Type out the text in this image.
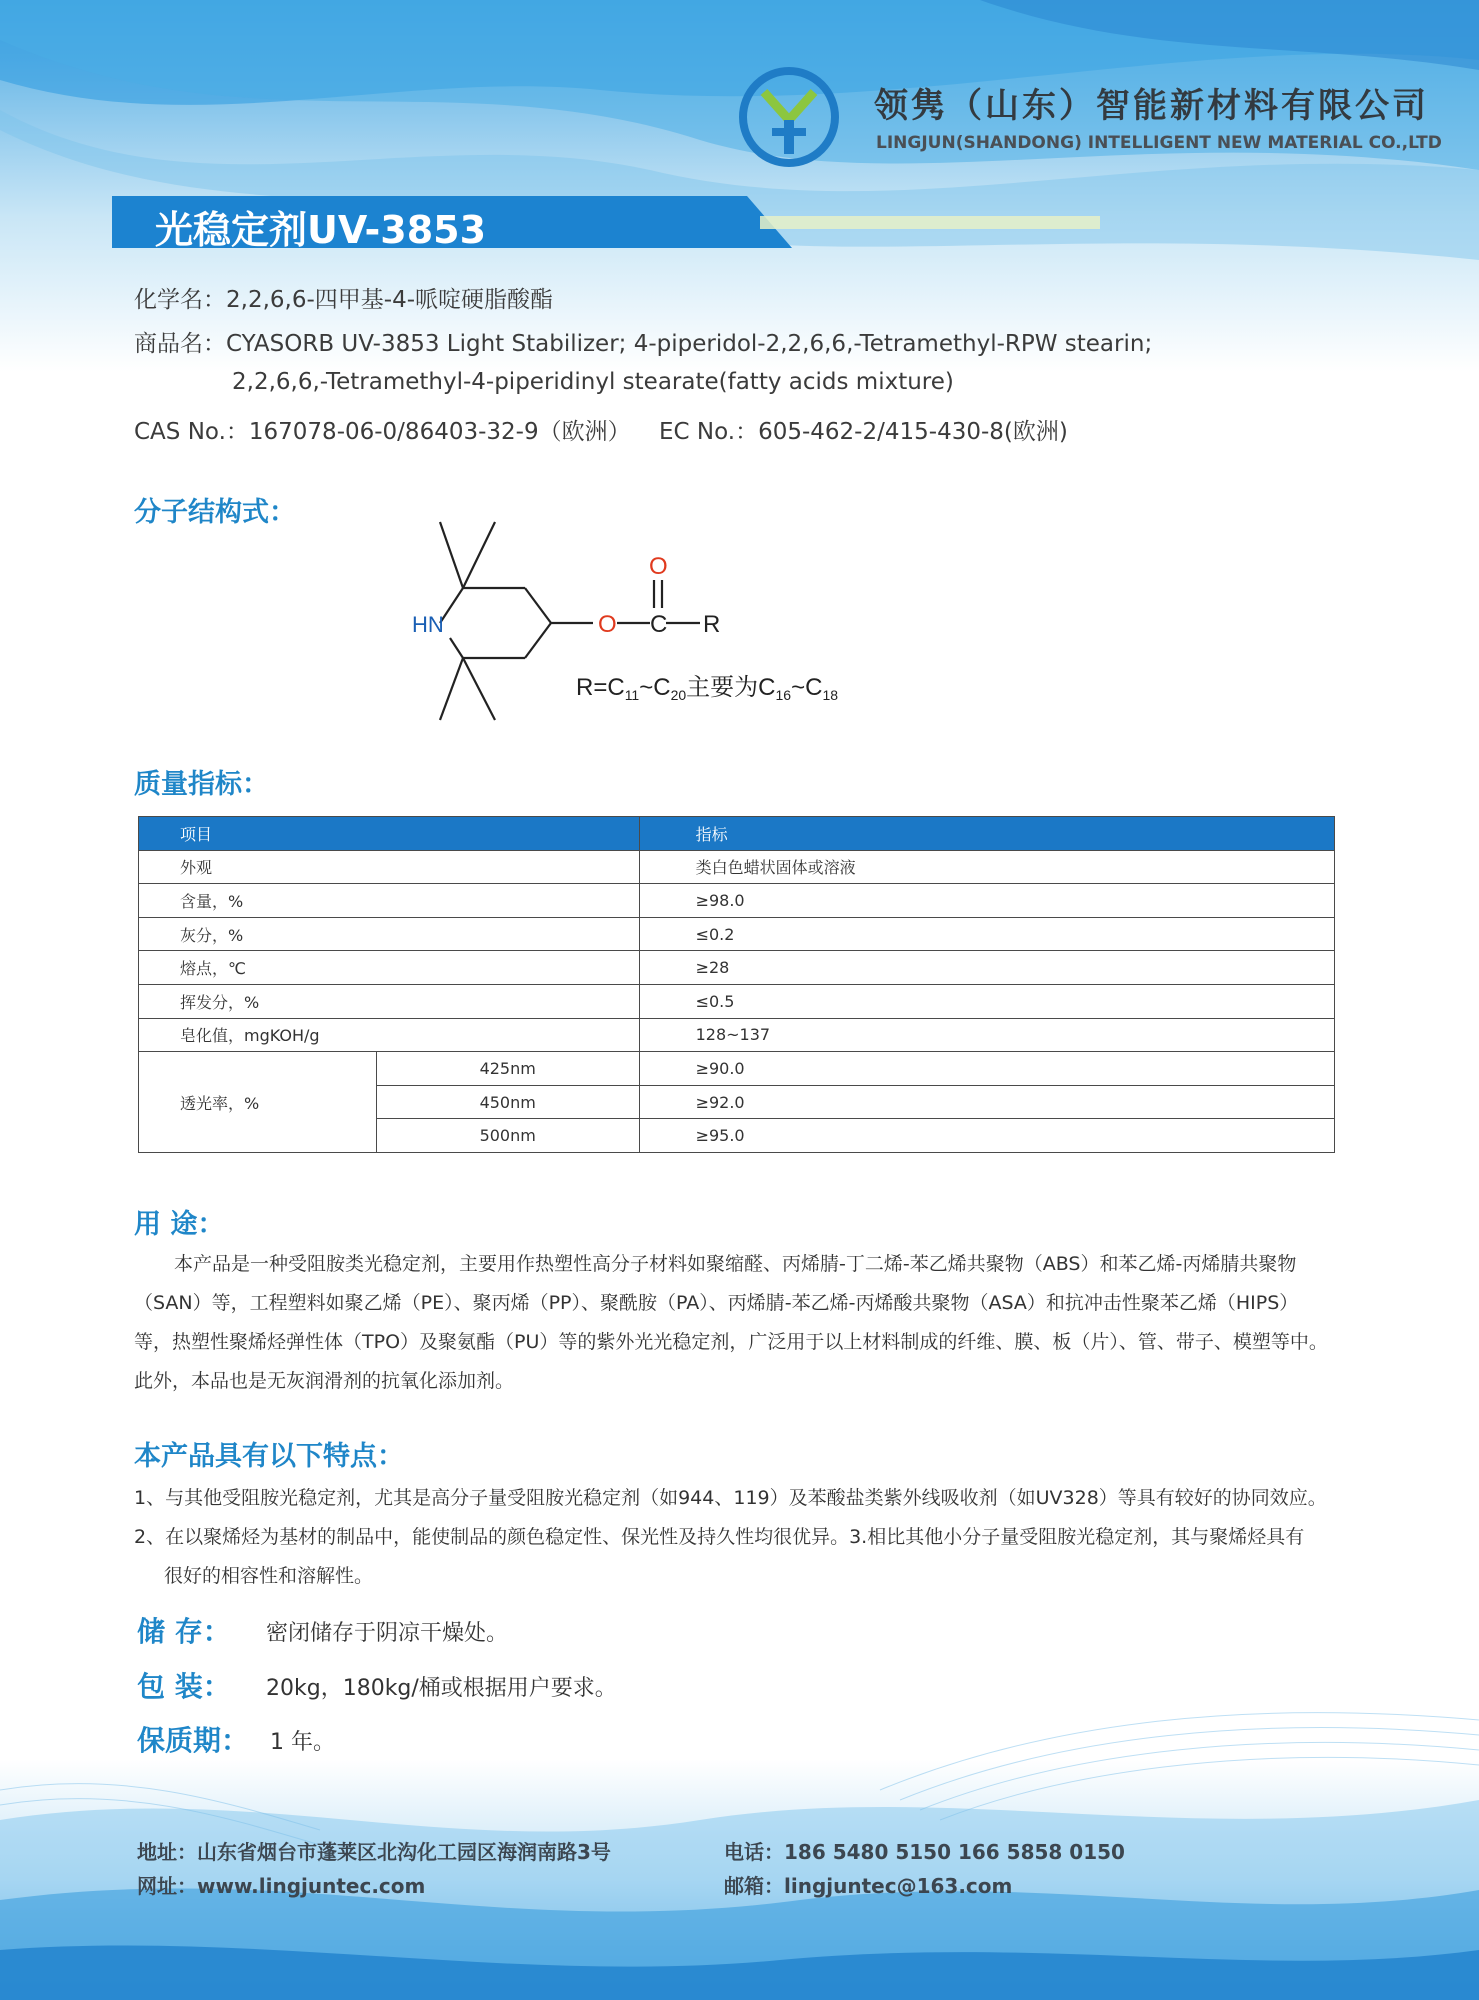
领隽（山东）智能新材料有限公司
LINGJUN(SHANDONG) INTELLIGENT NEW MATERIAL CO.,LTD
光稳定剂UV-3853
化学名：2,2,6,6-四甲基-4-哌啶硬脂酸酯
商品名：CYASORB UV-3853 Light Stabilizer; 4-piperidol-2,2,6,6,-Tetramethyl-RPW stearin;
2,2,6,6,-Tetramethyl-4-piperidinyl stearate(fatty acids mixture)
CAS No.：167078-06-0/86403-32-9（欧洲） EC No.：605-462-2/415-430-8(欧洲)
分子结构式：
HN	O
O
C R
$R=C_{11}\sim C_{20}$主要为$C_{16}\sim C_{18}$
质量指标：
项目		指标
外观		类白色蜡状固体或溶液
含量，%		≥98.0
灰分，%		≤0.2
熔点，℃		≥28
挥发分，%		≤0.5
皂化值，mgKOH/g		128~137
透光率，%	425nm	≥90.0
	450nm	≥92.0
	500nm	≥95.0
用 途：
本产品是一种受阻胺类光稳定剂，主要用作热塑性高分子材料如聚缩醛、丙烯腈-丁二烯-苯乙烯共聚物（ABS）和苯乙烯-丙烯腈共聚物
（SAN）等，工程塑料如聚乙烯（PE）、聚丙烯（PP）、聚酰胺（PA）、丙烯腈-苯乙烯-丙烯酸共聚物（ASA）和抗冲击性聚苯乙烯（HIPS）
等，热塑性聚烯烃弹性体（TPO）及聚氨酯（PU）等的紫外光光稳定剂，广泛用于以上材料制成的纤维、膜、板（片）、管、带子、模塑等中。
此外，本品也是无灰润滑剂的抗氧化添加剂。
本产品具有以下特点：
1、与其他受阻胺光稳定剂，尤其是高分子量受阻胺光稳定剂（如944、119）及苯酸盐类紫外线吸收剂（如UV328）等具有较好的协同效应。
2、在以聚烯烃为基材的制品中，能使制品的颜色稳定性、保光性及持久性均很优异。3.相比其他小分子量受阻胺光稳定剂，其与聚烯烃具有
很好的相容性和溶解性。
储 存： 密闭储存于阴凉干燥处。
包 装： 20kg，180kg/桶或根据用户要求。
保质期： 1 年。
地址：山东省烟台市蓬莱区北沟化工园区海润南路3号	电话：186 5480 5150 166 5858 0150
网址：www.lingjuntec.com	邮箱：lingjuntec@163.com
